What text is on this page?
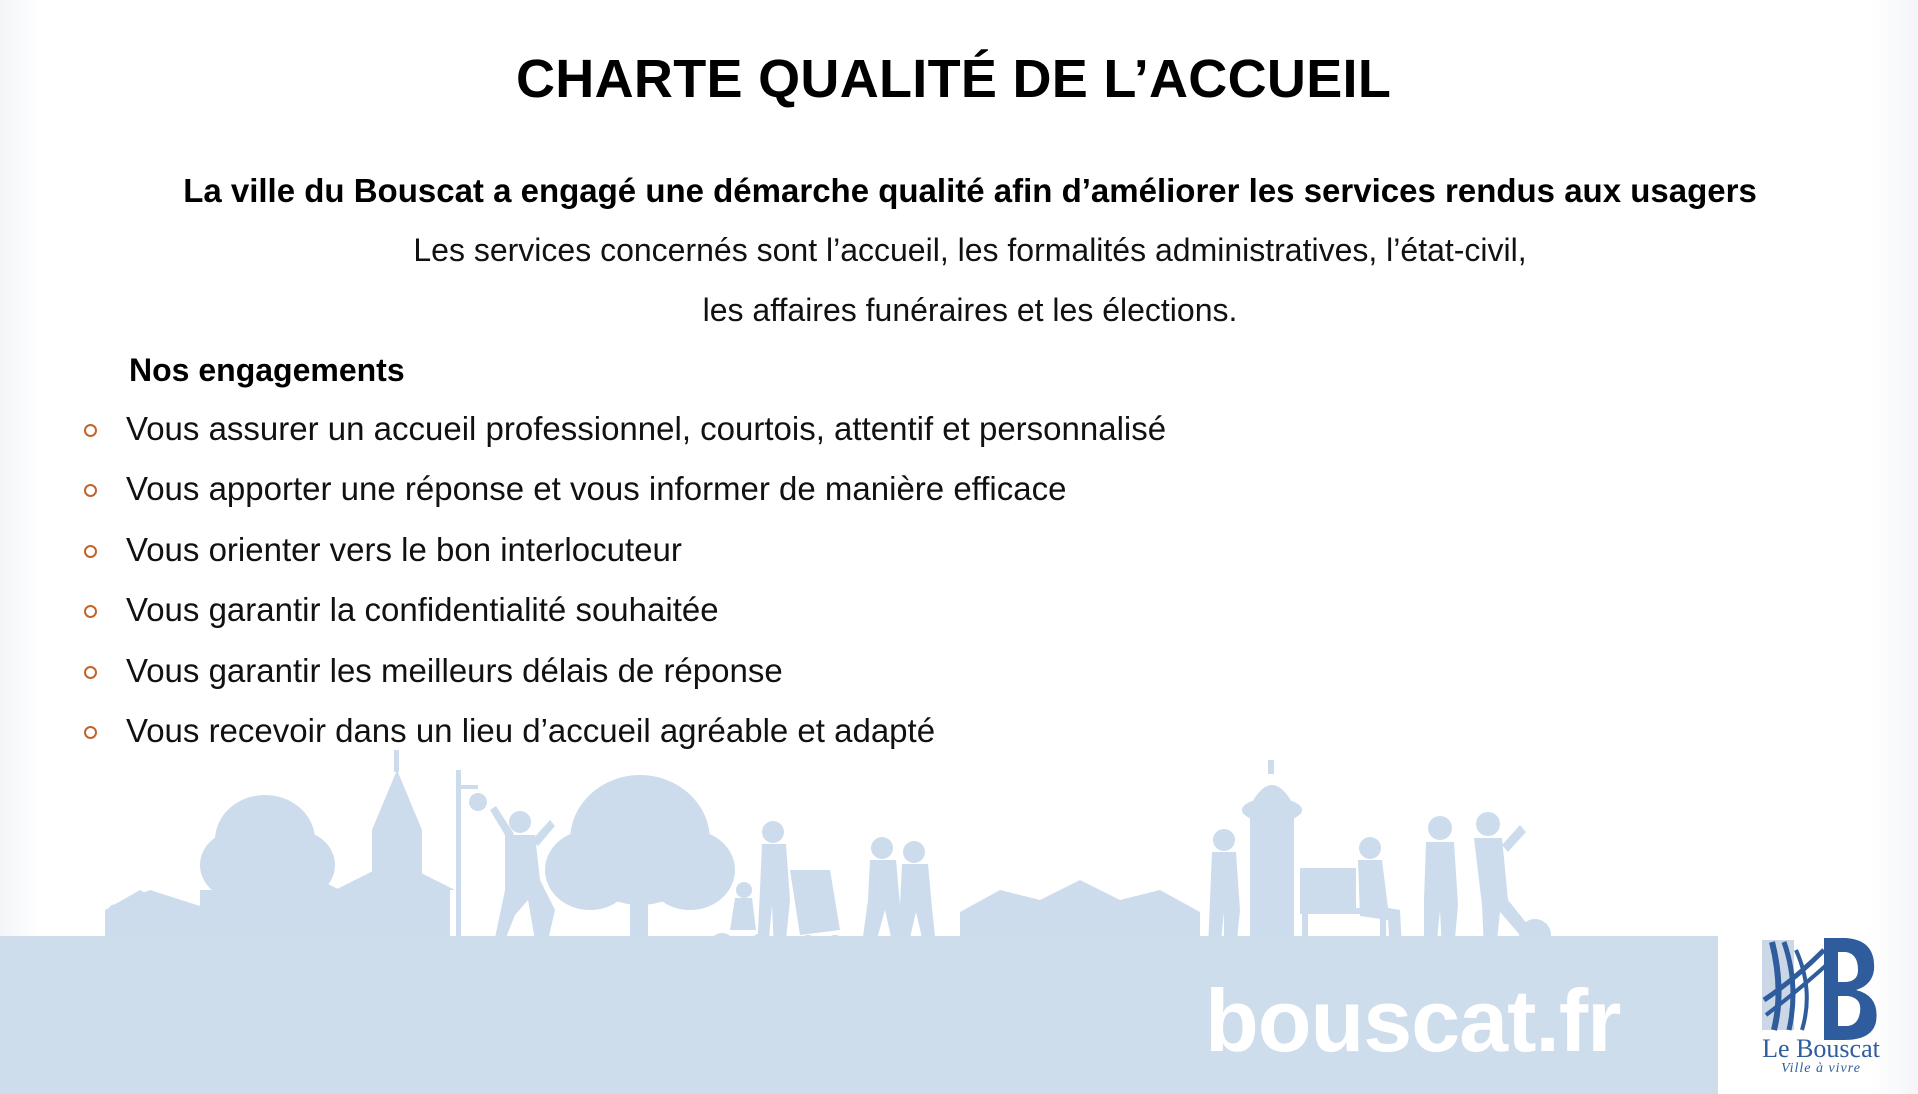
CHARTE QUALITÉ DE L’ACCUEIL

La ville du Bouscat a engagé une démarche qualité afin d’améliorer les services rendus aux usagers

Les services concernés sont l’accueil, les formalités administratives, l’état-civil,

les affaires funéraires et les élections.

Nos engagements
Vous assurer un accueil professionnel, courtois, attentif et personnalisé
Vous apporter une réponse et vous informer de manière efficace
Vous orienter vers le bon interlocuteur
Vous garantir la confidentialité souhaitée
Vous garantir les meilleurs délais de réponse
Vous recevoir dans un lieu d’accueil agréable et adapté

bouscat.fr	Le Bouscat
Ville à vivre
